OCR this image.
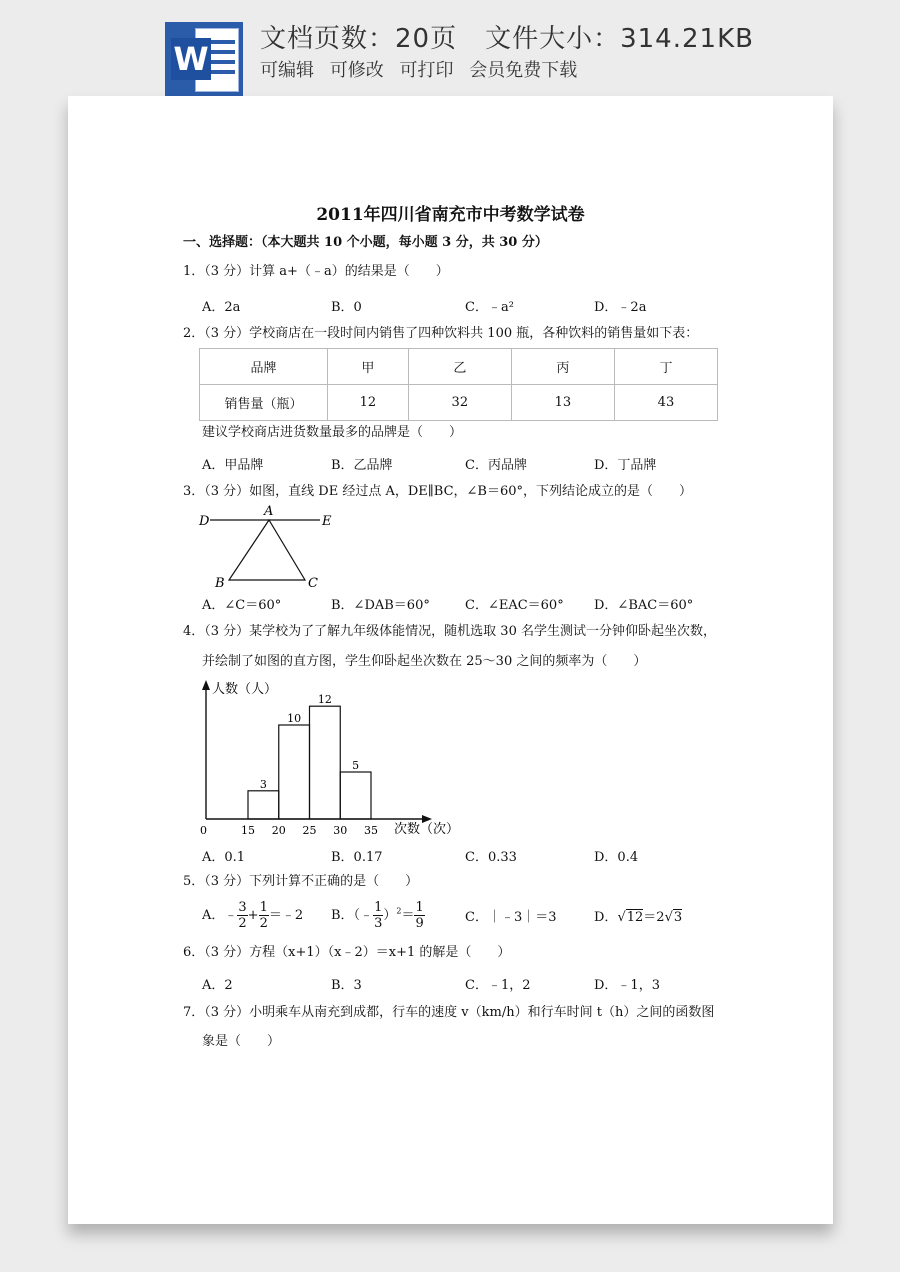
W
文档页数：20页 文件大小：314.21KB
可编辑 可修改 可打印 会员免费下载
2011年四川省南充市中考数学试卷
一、选择题：（本大题共 10 个小题，每小题 3 分，共 30 分）
1．（3 分）计算 a+（﹣a）的结果是（　　）
A．2a	B．0	C．﹣a²	D．﹣2a
2．（3 分）学校商店在一段时间内销售了四种饮料共 100 瓶，各种饮料的销售量如下表：
品牌	甲	乙	丙	丁
销售量（瓶）	12	32	13	43
建议学校商店进货数量最多的品牌是（　　）
A．甲品牌	B．乙品牌	C．丙品牌	D．丁品牌
3．（3 分）如图，直线 DE 经过点 A，DE∥BC，∠B＝60°，下列结论成立的是（　　）
D
A
E
B	C
A．∠C＝60°	B．∠DAB＝60°	C．∠EAC＝60° D．∠BAC＝60°
4．（3 分）某学校为了了解九年级体能情况，随机选取 30 名学生测试一分钟仰卧起坐次数，
并绘制了如图的直方图，学生仰卧起坐次数在 25～30 之间的频率为（　　）
人数（人）
次数（次）
3
10
12
5
0	15 20 25 30 35
A．0.1	B．0.17	C．0.33	D．0.4
5．（3 分）下列计算不正确的是（　　）
A．﹣ $\frac{3}{2} + \frac{1}{2}$ ＝﹣2 B．（﹣ $\frac{1}{3} )^2= \frac{1}{9}$	C．｜﹣3｜＝3	D．√12＝2√3
6．（3 分）方程（x+1）（x﹣2）＝x+1 的解是（　　）
A．2	B．3	C．﹣1，2	D．﹣1，3
7．（3 分）小明乘车从南充到成都，行车的速度 v（km/h）和行车时间 t（h）之间的函数图
象是（　　）
